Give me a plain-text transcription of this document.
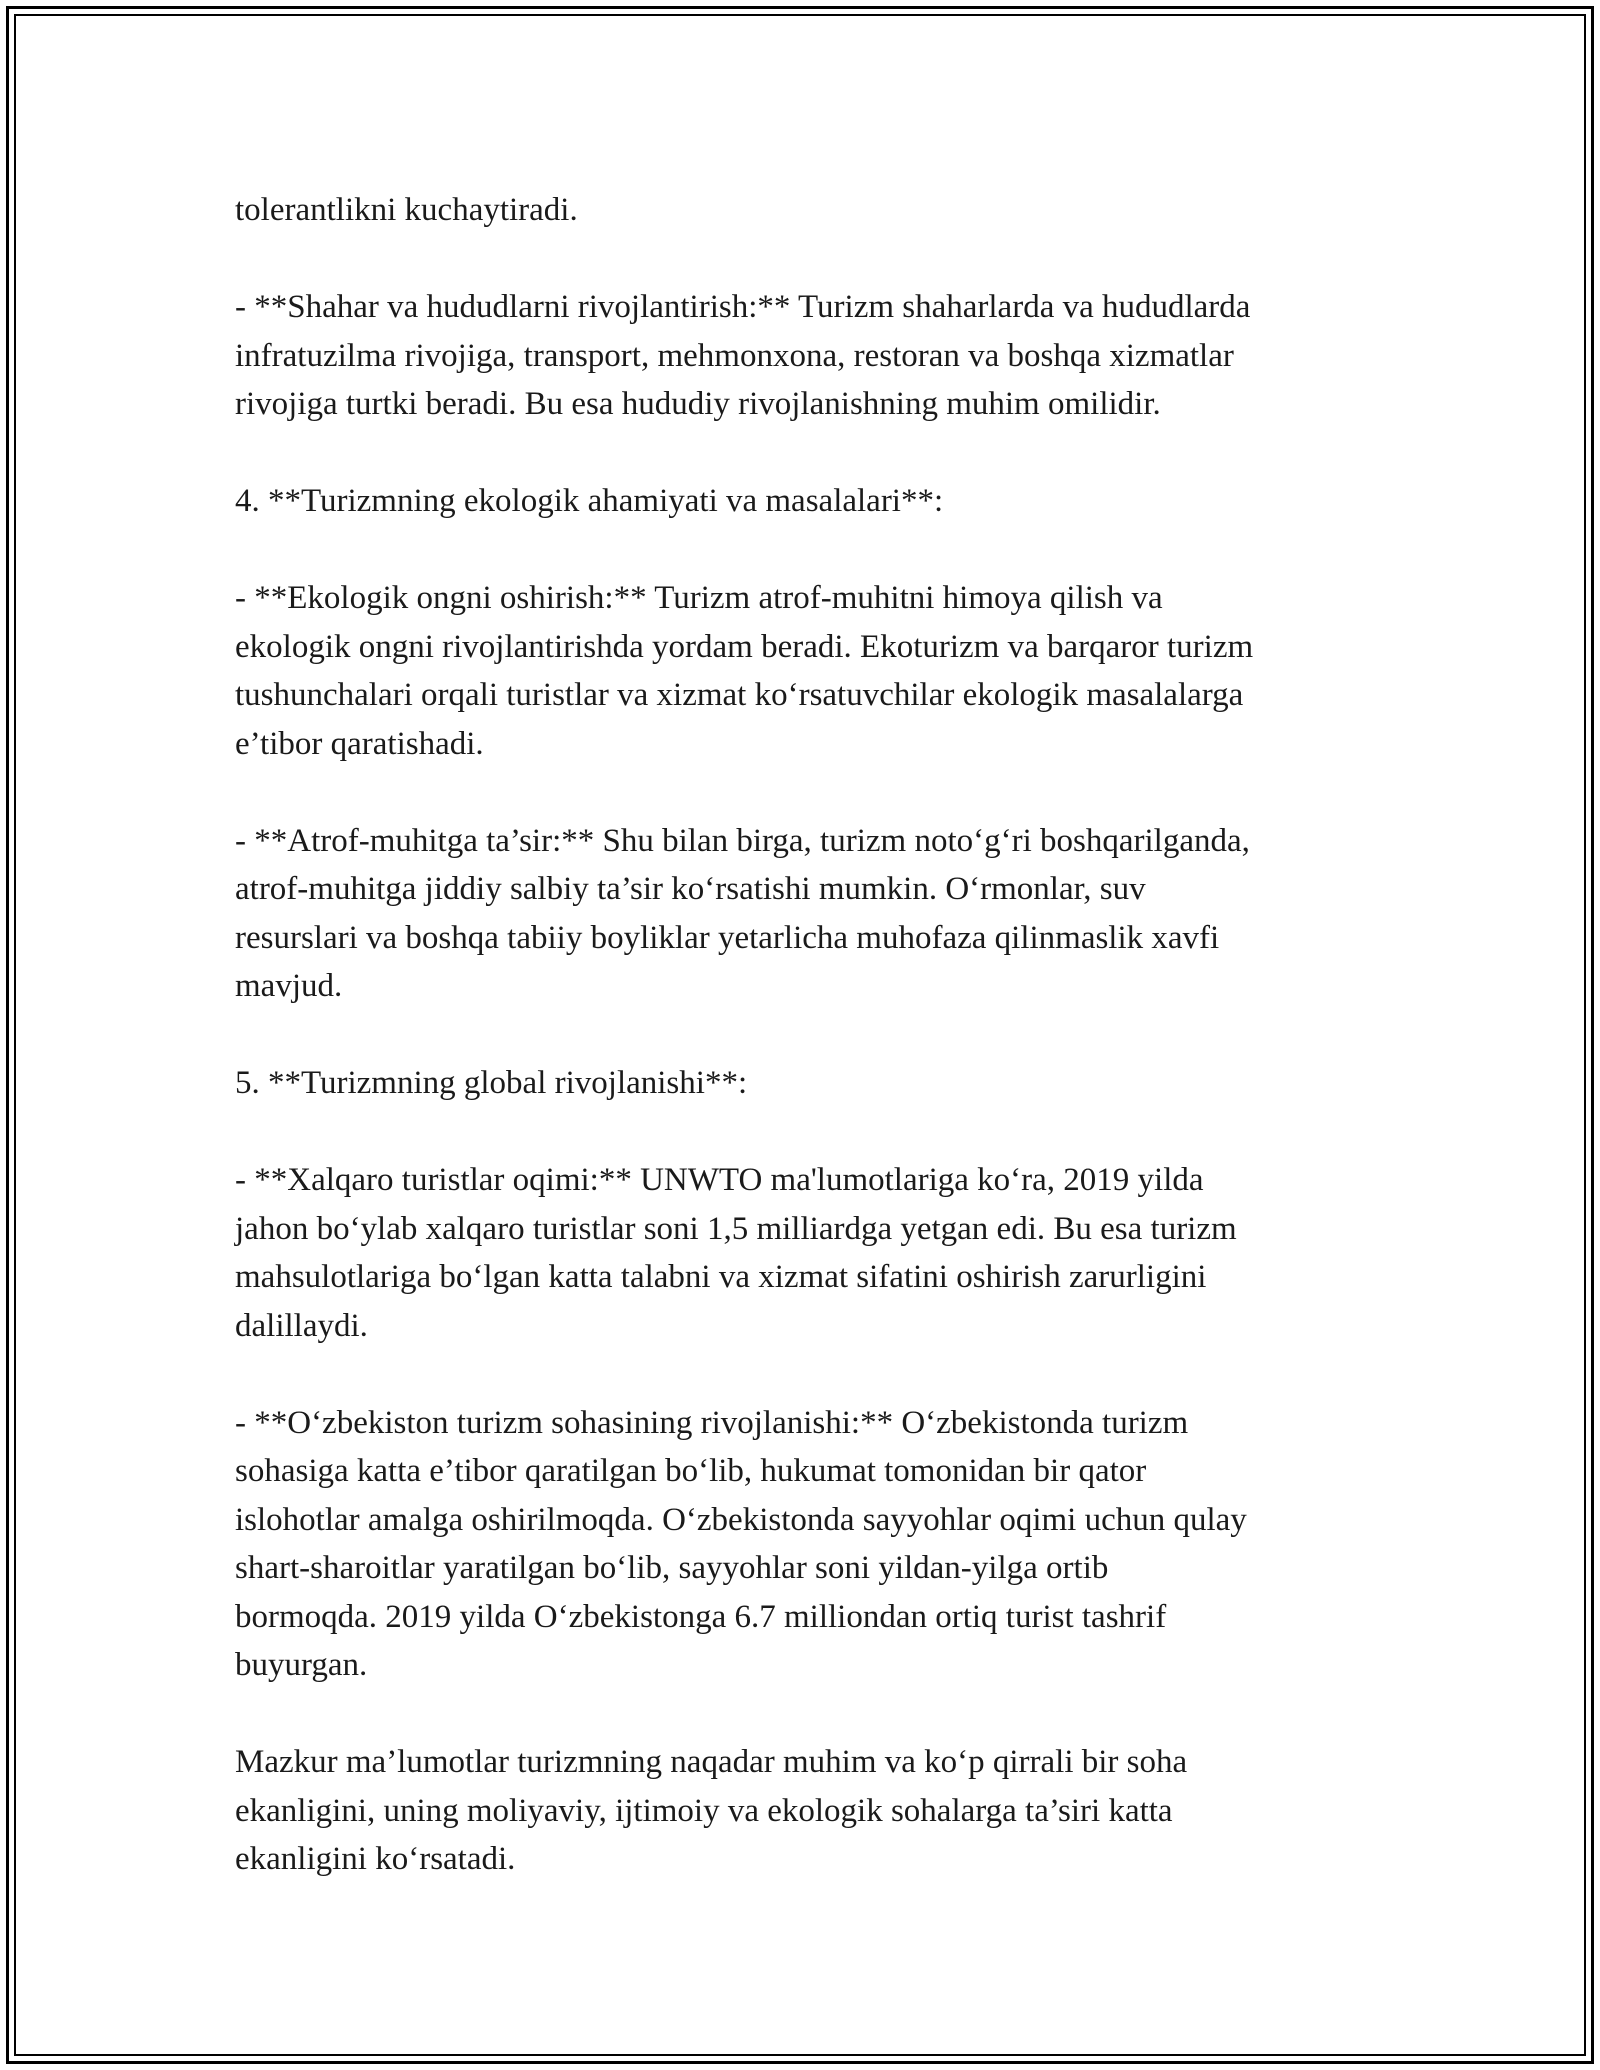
tolerantlikni kuchaytiradi.
- **Shahar va hududlarni rivojlantirish:** Turizm shaharlarda va hududlarda
infratuzilma rivojiga, transport, mehmonxona, restoran va boshqa xizmatlar
rivojiga turtki beradi. Bu esa hududiy rivojlanishning muhim omilidir.
4. **Turizmning ekologik ahamiyati va masalalari**:
- **Ekologik ongni oshirish:** Turizm atrof-muhitni himoya qilish va
ekologik ongni rivojlantirishda yordam beradi. Ekoturizm va barqaror turizm
tushunchalari orqali turistlar va xizmat ko‘rsatuvchilar ekologik masalalarga
e’tibor qaratishadi.
- **Atrof-muhitga ta’sir:** Shu bilan birga, turizm noto‘g‘ri boshqarilganda,
atrof-muhitga jiddiy salbiy ta’sir ko‘rsatishi mumkin. O‘rmonlar, suv
resurslari va boshqa tabiiy boyliklar yetarlicha muhofaza qilinmaslik xavfi
mavjud.
5. **Turizmning global rivojlanishi**:
- **Xalqaro turistlar oqimi:** UNWTO ma'lumotlariga ko‘ra, 2019 yilda
jahon bo‘ylab xalqaro turistlar soni 1,5 milliardga yetgan edi. Bu esa turizm
mahsulotlariga bo‘lgan katta talabni va xizmat sifatini oshirish zarurligini
dalillaydi.
- **O‘zbekiston turizm sohasining rivojlanishi:** O‘zbekistonda turizm
sohasiga katta e’tibor qaratilgan bo‘lib, hukumat tomonidan bir qator
islohotlar amalga oshirilmoqda. O‘zbekistonda sayyohlar oqimi uchun qulay
shart-sharoitlar yaratilgan bo‘lib, sayyohlar soni yildan-yilga ortib
bormoqda. 2019 yilda O‘zbekistonga 6.7 milliondan ortiq turist tashrif
buyurgan.
Mazkur ma’lumotlar turizmning naqadar muhim va ko‘p qirrali bir soha
ekanligini, uning moliyaviy, ijtimoiy va ekologik sohalarga ta’siri katta
ekanligini ko‘rsatadi.
